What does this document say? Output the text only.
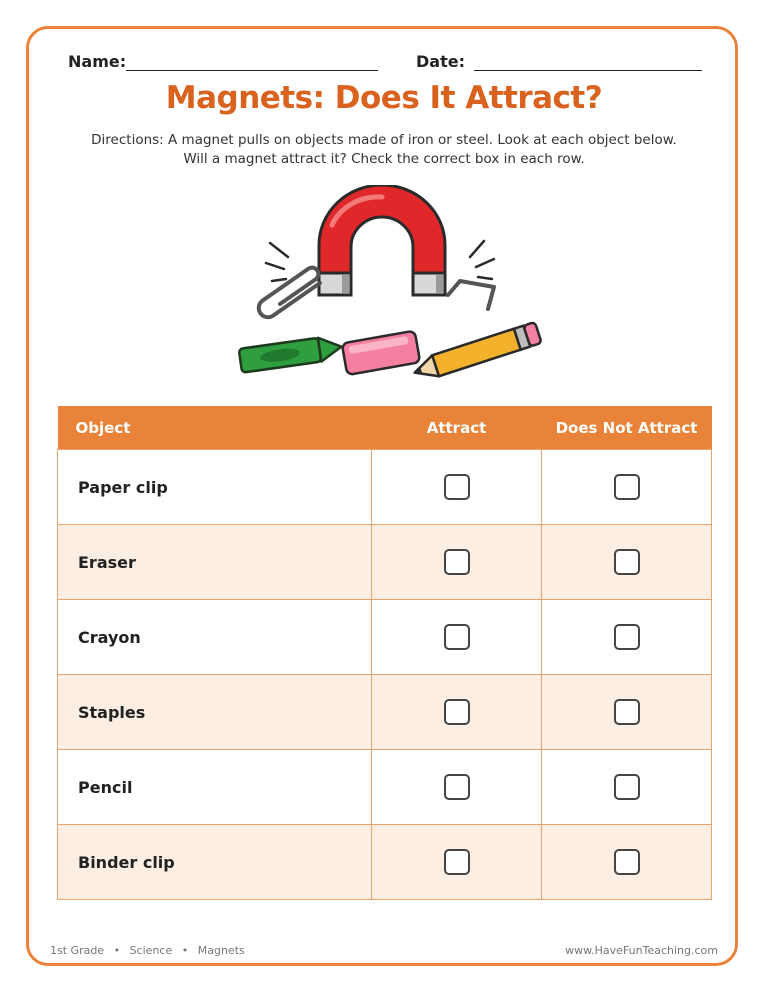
Name:	Date:
Magnets: Does It Attract?
Directions: A magnet pulls on objects made of iron or steel. Look at each object below.
Will a magnet attract it? Check the correct box in each row.
Object	Attract	Does Not Attract
Paper clip		
Eraser		
Crayon		
Staples		
Pencil		
Binder clip		
1st Grade • Science • Magnets	www.HaveFunTeaching.com
